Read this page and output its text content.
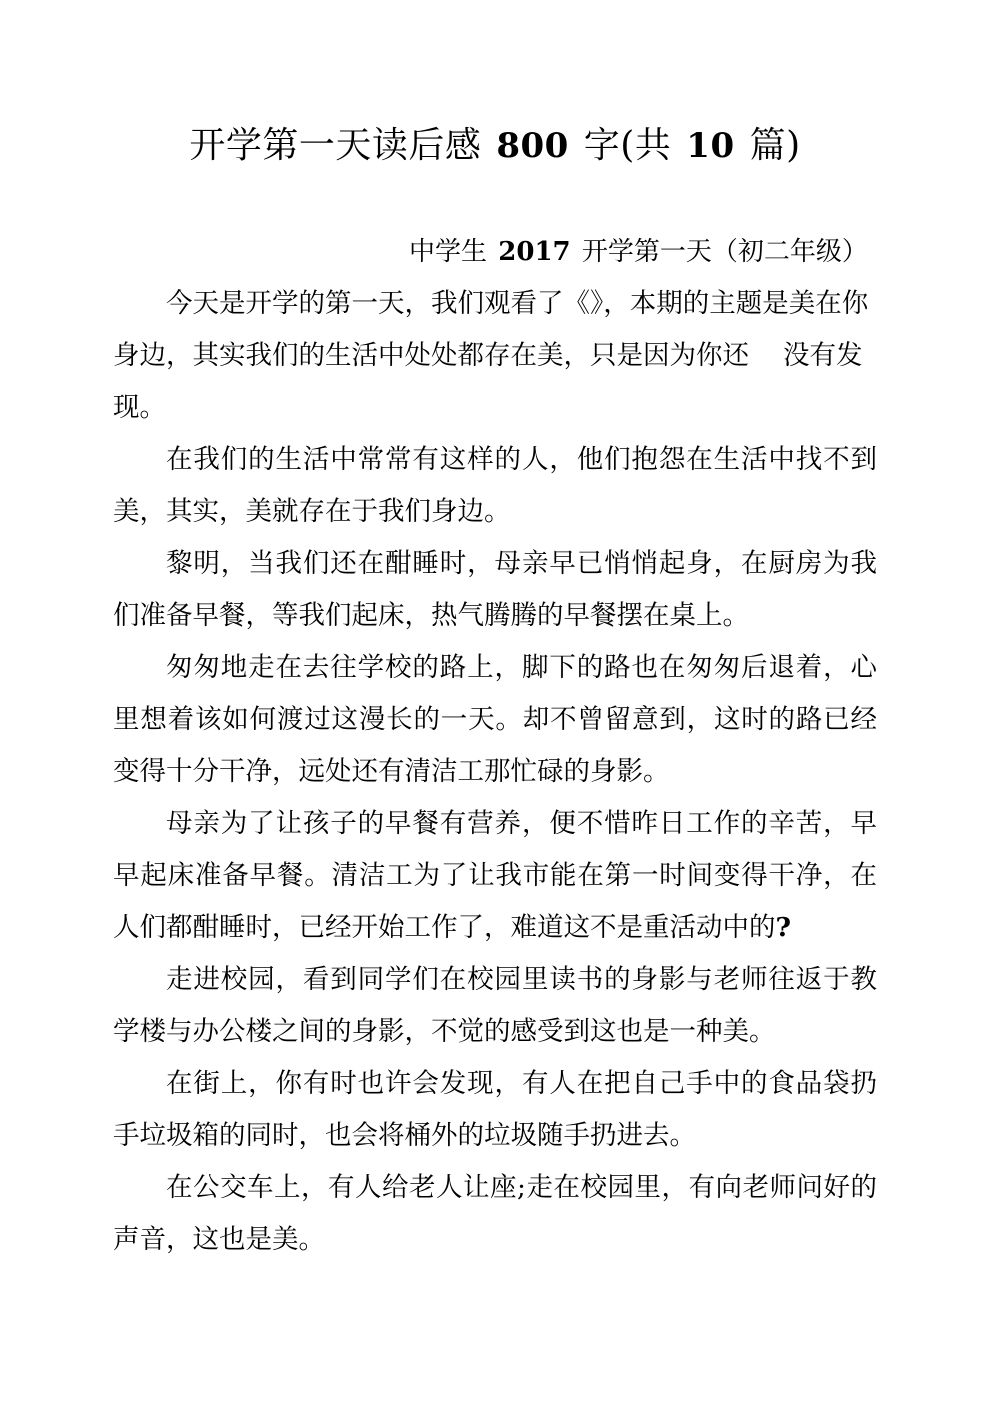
开学第一天读后感 800 字(共 10 篇)

中学生 2017 开学第一天（初二年级）

今天是开学的第一天，我们观看了《》，本期的主题是美在你

身边，其实我们的生活中处处都存在美，只是因为你还 没有发

现。

在我们的生活中常常有这样的人，他们抱怨在生活中找不到美，其实，美就存在于我们身边。

黎明，当我们还在酣睡时，母亲早已悄悄起身，在厨房为我们准备早餐，等我们起床，热气腾腾的早餐摆在桌上。

匆匆地走在去往学校的路上，脚下的路也在匆匆后退着，心里想着该如何渡过这漫长的一天。却不曾留意到，这时的路已经变得十分干净，远处还有清洁工那忙碌的身影。

母亲为了让孩子的早餐有营养，便不惜昨日工作的辛苦，早早起床准备早餐。清洁工为了让我市能在第一时间变得干净，在人们都酣睡时，已经开始工作了，难道这不是重活动中的?

走进校园，看到同学们在校园里读书的身影与老师往返于教学楼与办公楼之间的身影，不觉的感受到这也是一种美。

在街上，你有时也许会发现，有人在把自己手中的食品袋扔手垃圾箱的同时，也会将桶外的垃圾随手扔进去。

在公交车上，有人给老人让座;走在校园里，有向老师问好的声音，这也是美。
